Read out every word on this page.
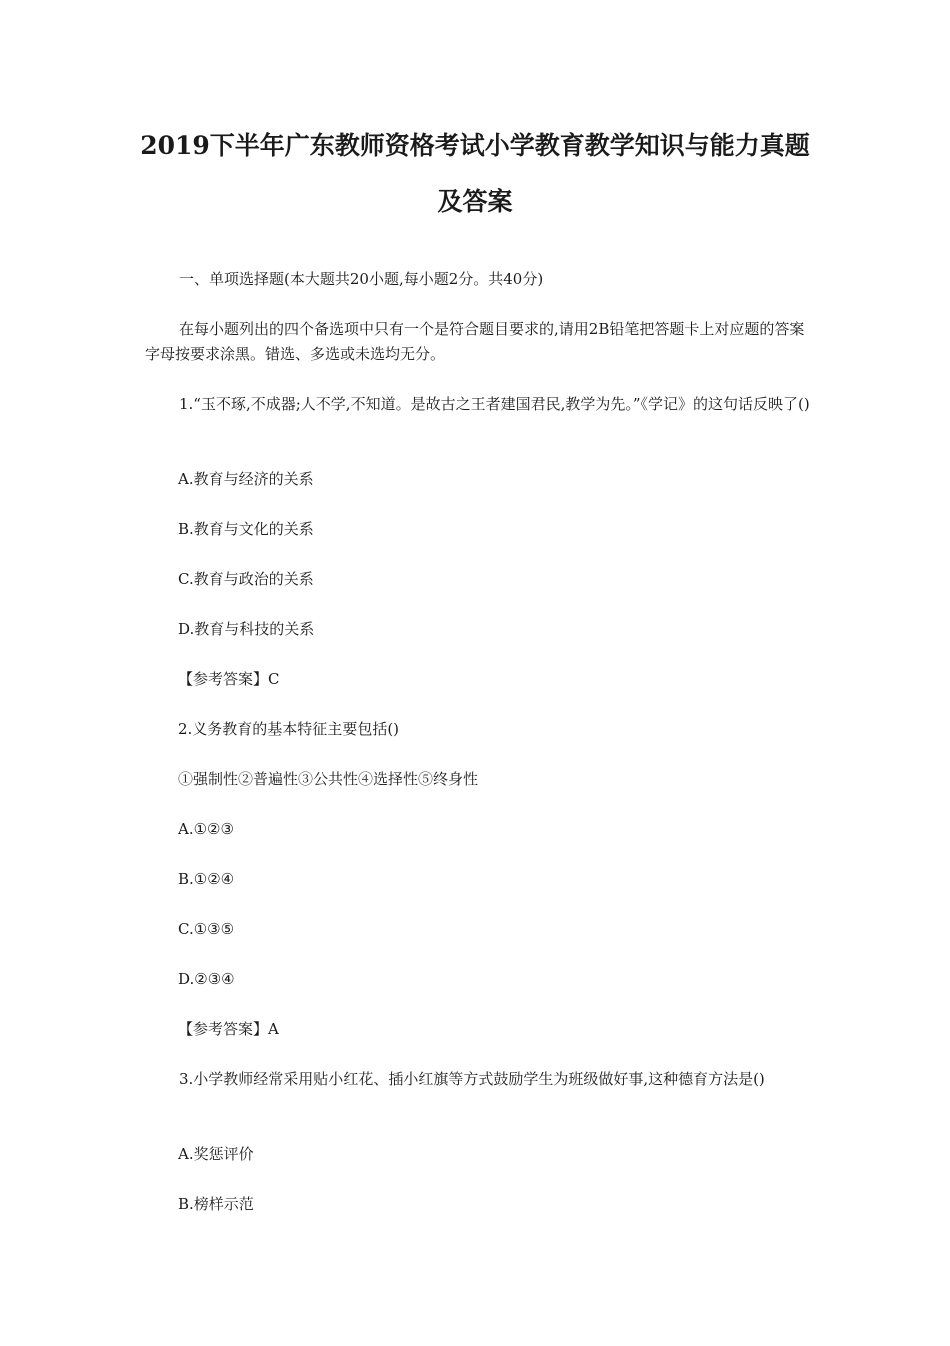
2019下半年广东教师资格考试小学教育教学知识与能力真题及答案

一、单项选择题(本大题共20小题,每小题2分。共40分)

在每小题列出的四个备选项中只有一个是符合题目要求的,请用2B铅笔把答题卡上对应题的答案字母按要求涂黑。错选、多选或未选均无分。

1.“玉不琢,不成器;人不学,不知道。是故古之王者建国君民,教学为先。”《学记》的这句话反映了()

A.教育与经济的关系

B.教育与文化的关系

C.教育与政治的关系

D.教育与科技的关系

【参考答案】C

2.义务教育的基本特征主要包括()

①强制性②普遍性③公共性④选择性⑤终身性

A.①②③

B.①②④

C.①③⑤

D.②③④

【参考答案】A

3.小学教师经常采用贴小红花、插小红旗等方式鼓励学生为班级做好事,这种德育方法是()

A.奖惩评价

B.榜样示范
